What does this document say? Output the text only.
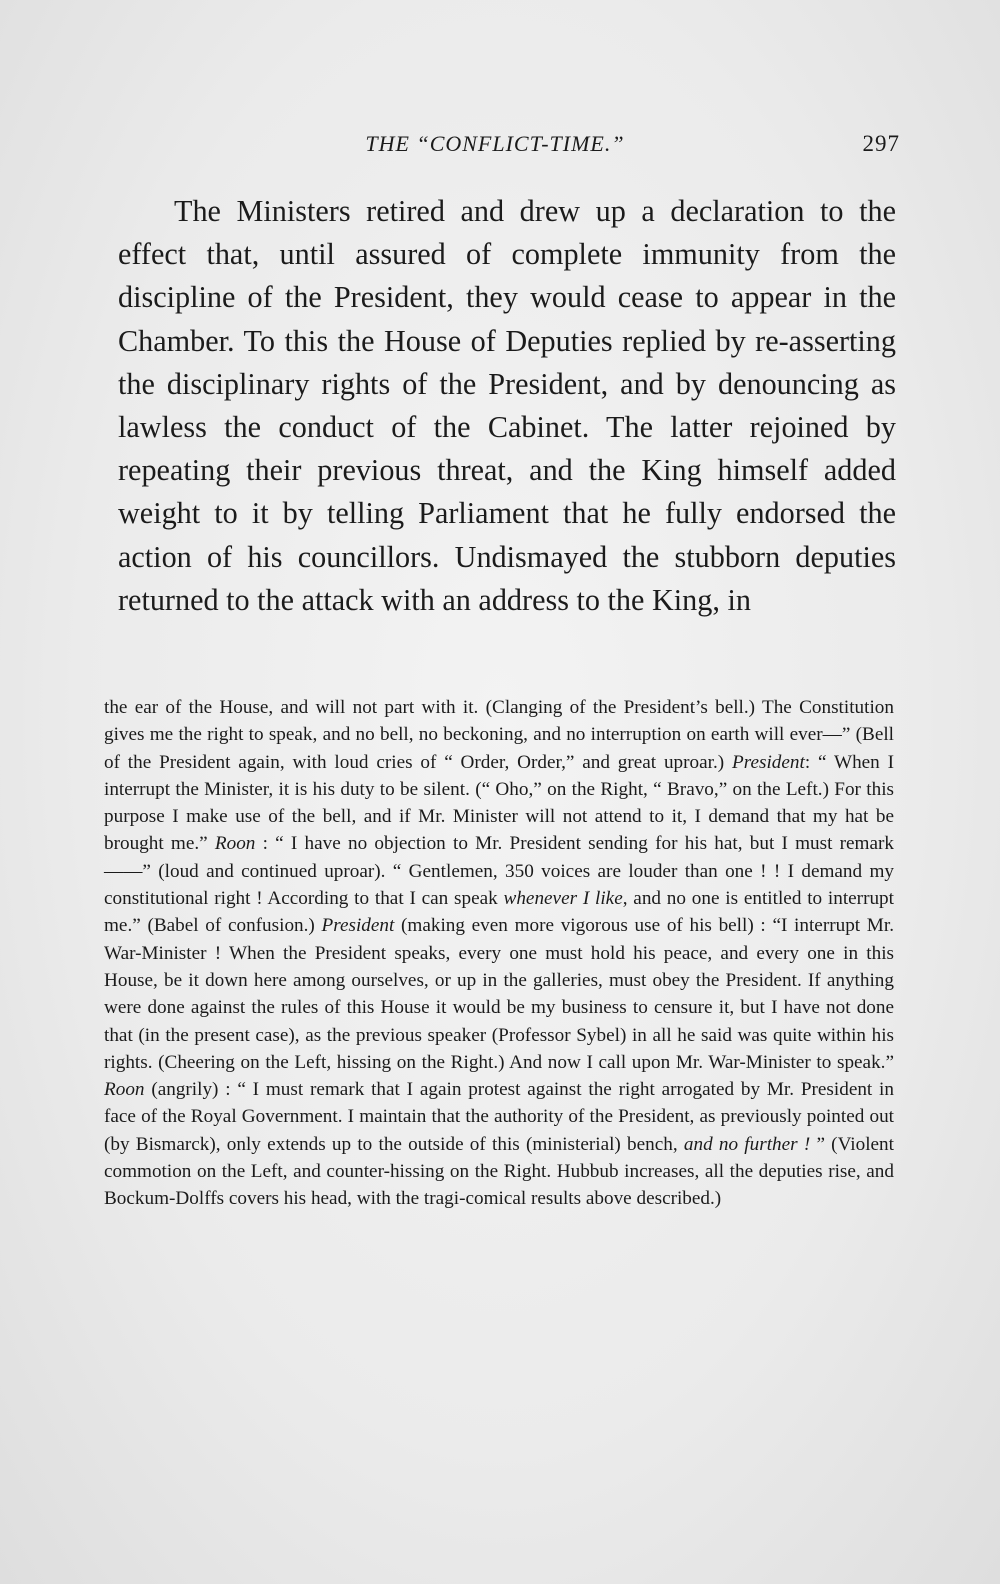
THE “CONFLICT-TIME.”	297

The Ministers retired and drew up a declaration to the effect that, until assured of complete immunity from the discipline of the President, they would cease to appear in the Chamber. To this the House of Deputies replied by re-asserting the disciplinary rights of the President, and by denouncing as lawless the conduct of the Cabinet. The latter rejoined by repeating their previous threat, and the King himself added weight to it by telling Parliament that he fully endorsed the action of his councillors. Undismayed the stubborn deputies returned to the attack with an address to the King, in

the ear of the House, and will not part with it. (Clanging of the President’s bell.) The Constitution gives me the right to speak, and no bell, no beckoning, and no interruption on earth will ever—” (Bell of the President again, with loud cries of “ Order, Order,” and great uproar.) President: “ When I interrupt the Minister, it is his duty to be silent. (“ Oho,” on the Right, “ Bravo,” on the Left.) For this purpose I make use of the bell, and if Mr. Minister will not attend to it, I demand that my hat be brought me.” Roon : “ I have no objection to Mr. President sending for his hat, but I must remark——” (loud and continued uproar). “ Gentlemen, 350 voices are louder than one ! ! I demand my constitutional right ! According to that I can speak whenever I like, and no one is entitled to interrupt me.” (Babel of confusion.) President (making even more vigorous use of his bell) : “I interrupt Mr. War-Minister ! When the President speaks, every one must hold his peace, and every one in this House, be it down here among ourselves, or up in the galleries, must obey the President. If anything were done against the rules of this House it would be my business to censure it, but I have not done that (in the present case), as the previous speaker (Professor Sybel) in all he said was quite within his rights. (Cheering on the Left, hissing on the Right.) And now I call upon Mr. War-Minister to speak.” Roon (angrily) : “ I must remark that I again protest against the right arrogated by Mr. President in face of the Royal Government. I maintain that the authority of the President, as previously pointed out (by Bismarck), only extends up to the outside of this (ministerial) bench, and no further ! ” (Violent commotion on the Left, and counter-hissing on the Right. Hubbub increases, all the deputies rise, and Bockum-Dolffs covers his head, with the tragi-comical results above described.)
